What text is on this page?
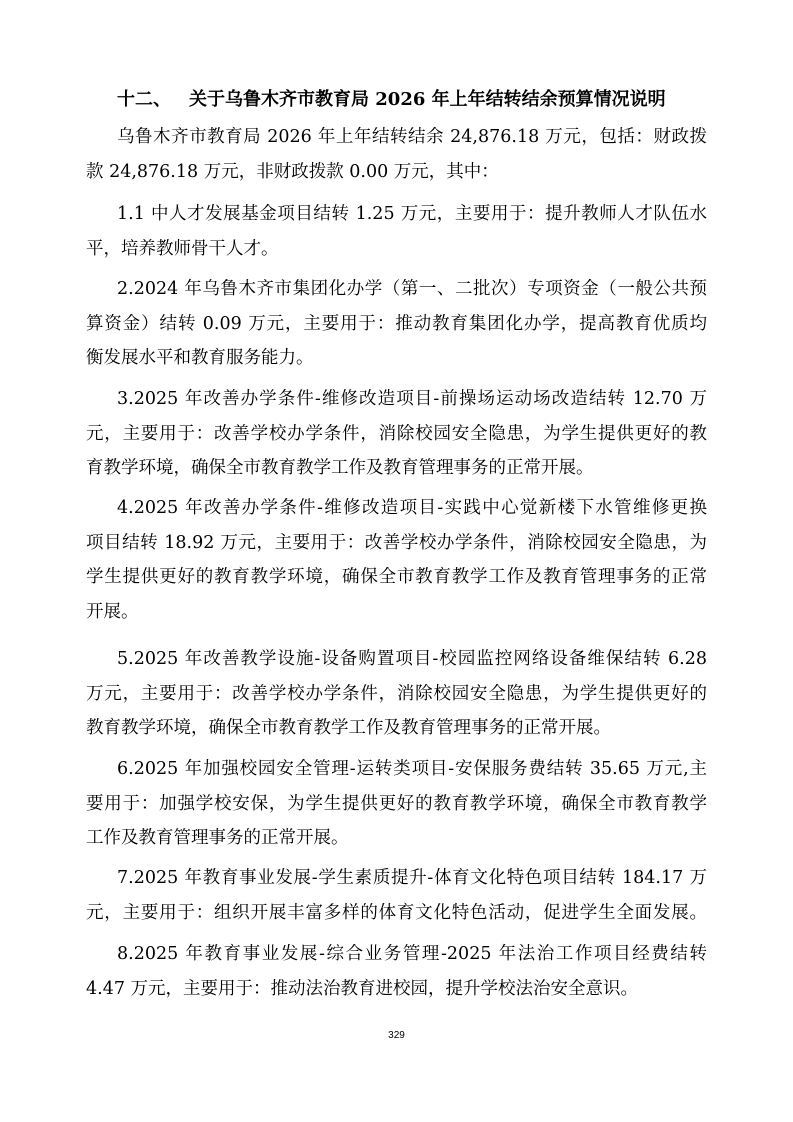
十二、 关于乌鲁木齐市教育局 2026 年上年结转结余预算情况说明
乌鲁木齐市教育局 2026 年上年结转结余 24,876.18 万元，包括：财政拨
款 24,876.18 万元，非财政拨款 0.00 万元，其中：
1.1 中人才发展基金项目结转 1.25 万元，主要用于：提升教师人才队伍水
平，培养教师骨干人才。
2.2024 年乌鲁木齐市集团化办学（第一、二批次）专项资金（一般公共预
算资金）结转 0.09 万元，主要用于：推动教育集团化办学，提高教育优质均
衡发展水平和教育服务能力。
3.2025 年改善办学条件-维修改造项目-前操场运动场改造结转 12.70 万
元，主要用于：改善学校办学条件，消除校园安全隐患，为学生提供更好的教
育教学环境，确保全市教育教学工作及教育管理事务的正常开展。
4.2025 年改善办学条件-维修改造项目-实践中心觉新楼下水管维修更换
项目结转 18.92 万元，主要用于：改善学校办学条件，消除校园安全隐患，为
学生提供更好的教育教学环境，确保全市教育教学工作及教育管理事务的正常
开展。
5.2025 年改善教学设施-设备购置项目-校园监控网络设备维保结转 6.28
万元，主要用于：改善学校办学条件，消除校园安全隐患，为学生提供更好的
教育教学环境，确保全市教育教学工作及教育管理事务的正常开展。
6.2025 年加强校园安全管理-运转类项目-安保服务费结转 35.65 万元,主
要用于：加强学校安保，为学生提供更好的教育教学环境，确保全市教育教学
工作及教育管理事务的正常开展。
7.2025 年教育事业发展-学生素质提升-体育文化特色项目结转 184.17 万
元，主要用于：组织开展丰富多样的体育文化特色活动，促进学生全面发展。
8.2025 年教育事业发展-综合业务管理-2025 年法治工作项目经费结转
4.47 万元，主要用于：推动法治教育进校园，提升学校法治安全意识。
329
